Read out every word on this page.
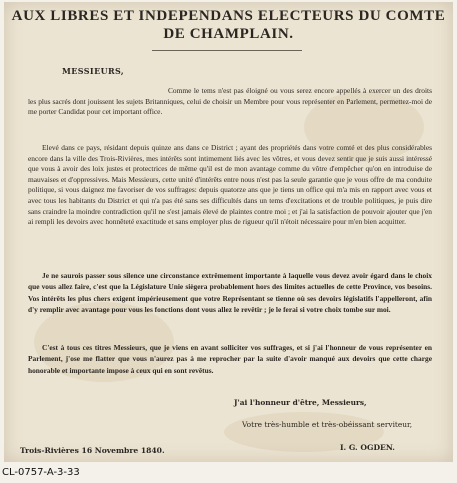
AUX LIBRES ET INDEPENDANS ELECTEURS DU COMTE

DE CHAMPLAIN.

MESSIEURS,

Comme le tems n'est pas éloigné ou vous serez encore appellés à exercer un des droits les plus sacrés dont jouissent les sujets Britanniques, celui de choisir un Membre pour vous représenter en Parlement, permettez-moi de me porter Candidat pour cet important office.

Elevé dans ce pays, résidant depuis quinze ans dans ce District ; ayant des propriétés dans votre comté et des plus considérables encore dans la ville des Trois-Rivières, mes intérêts sont intimement liés avec les vôtres, et vous devez sentir que je suis aussi intéressé que vous à avoir des loix justes et protectrices de même qu'il est de mon avantage comme du vôtre d'empêcher qu'on en introduise de mauvaises et d'oppressives. Mais Messieurs, cette unité d'intérêts entre nous n'est pas la seule garantie que je vous offre de ma conduite politique, si vous daignez me favoriser de vos suffrages: depuis quatorze ans que je tiens un office qui m'a mis en rapport avec vous et avec tous les habitants du District et qui n'a pas été sans ses difficultés dans un tems d'excitations et de trouble politiques, je puis dire sans craindre la moindre contradiction qu'il ne s'est jamais élevé de plaintes contre moi ; et j'ai la satisfaction de pouvoir ajouter que j'en ai rempli les devoirs avec honnêteté exactitude et sans employer plus de rigueur qu'il n'étoit nécessaire pour m'en bien acquitter.

Je ne saurois passer sous silence une circonstance extrêmement importante à laquelle vous devez avoir égard dans le choix que vous allez faire, c'est que la Législature Unie siègera probablement hors des limites actuelles de cette Province, vos besoins. Vos intérêts les plus chers exigent impérieusement que votre Représentant se tienne où ses devoirs législatifs l'appelleront, afin d'y remplir avec avantage pour vous les fonctions dont vous allez le revêtir ; je le ferai si votre choix tombe sur moi.

C'est à tous ces titres Messieurs, que je viens en avant solliciter vos suffrages, et si j'ai l'honneur de vous représenter en Parlement, j'ose me flatter que vous n'aurez pas à me reprocher par la suite d'avoir manqué aux devoirs que cette charge honorable et importante impose à ceux qui en sont revêtus.

J'ai l'honneur d'être, Messieurs,

Votre très-humble et très-obéissant serviteur,

Trois-Rivières 16 Novembre 1840.	I. G. OGDEN.

CL-0757-A-3-33
